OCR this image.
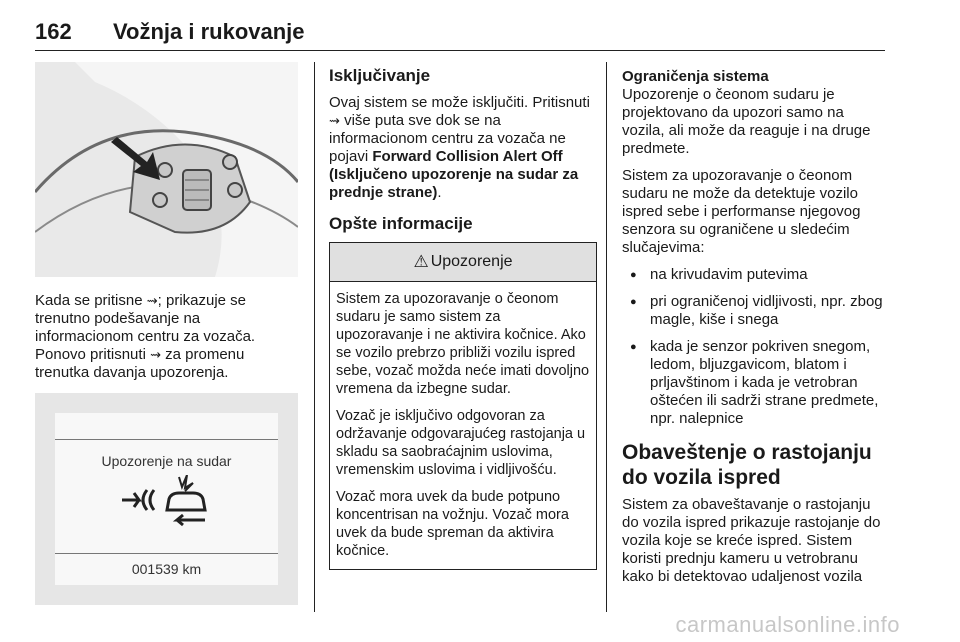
162 Vožnja i rukovanje

Kada se pritisne ⇝; prikazuje se trenutno podešavanje na informacionom centru za vozača. Ponovo pritisnuti ⇝ za promenu trenutka davanja upozorenja.

Upozorenje na sudar
001539 km
Isključivanje

Ovaj sistem se može isključiti. Pritisnuti ⇝ više puta sve dok se na informacionom centru za vozača ne pojavi Forward Collision Alert Off (Isključeno upozorenje na sudar za prednje strane).

Opšte informacije
⚠ Upozorenje

Sistem za upozoravanje o čeonom sudaru je samo sistem za upozoravanje i ne aktivira kočnice. Ako se vozilo prebrzo približi vozilu ispred sebe, vozač možda neće imati dovoljno vremena da izbegne sudar.

Vozač je isključivo odgovoran za održavanje odgovarajućeg rastojanja u skladu sa saobraćajnim uslovima, vremenskim uslovima i vidljivošću.

Vozač mora uvek da bude potpuno koncentrisan na vožnju. Vozač mora uvek da bude spreman da aktivira kočnice.

Ograničenja sistema

Upozorenje o čeonom sudaru je projektovano da upozori samo na vozila, ali može da reaguje i na druge predmete.

Sistem za upozoravanje o čeonom sudaru ne može da detektuje vozilo ispred sebe i performanse njegovog senzora su ograničene u sledećim slučajevima:

● na krivudavim putevima
● pri ograničenoj vidljivosti, npr. zbog magle, kiše i snega
● kada je senzor pokriven snegom, ledom, bljuzgavicom, blatom i prljavštinom i kada je vetrobran oštećen ili sadrži strane predmete, npr. nalepnice
Obaveštenje o rastojanju do vozila ispred

Sistem za obaveštavanje o rastojanju do vozila ispred prikazuje rastojanje do vozila koje se kreće ispred. Sistem koristi prednju kameru u vetrobranu kako bi detektovao udaljenost vozila

carmanualsonline.info
